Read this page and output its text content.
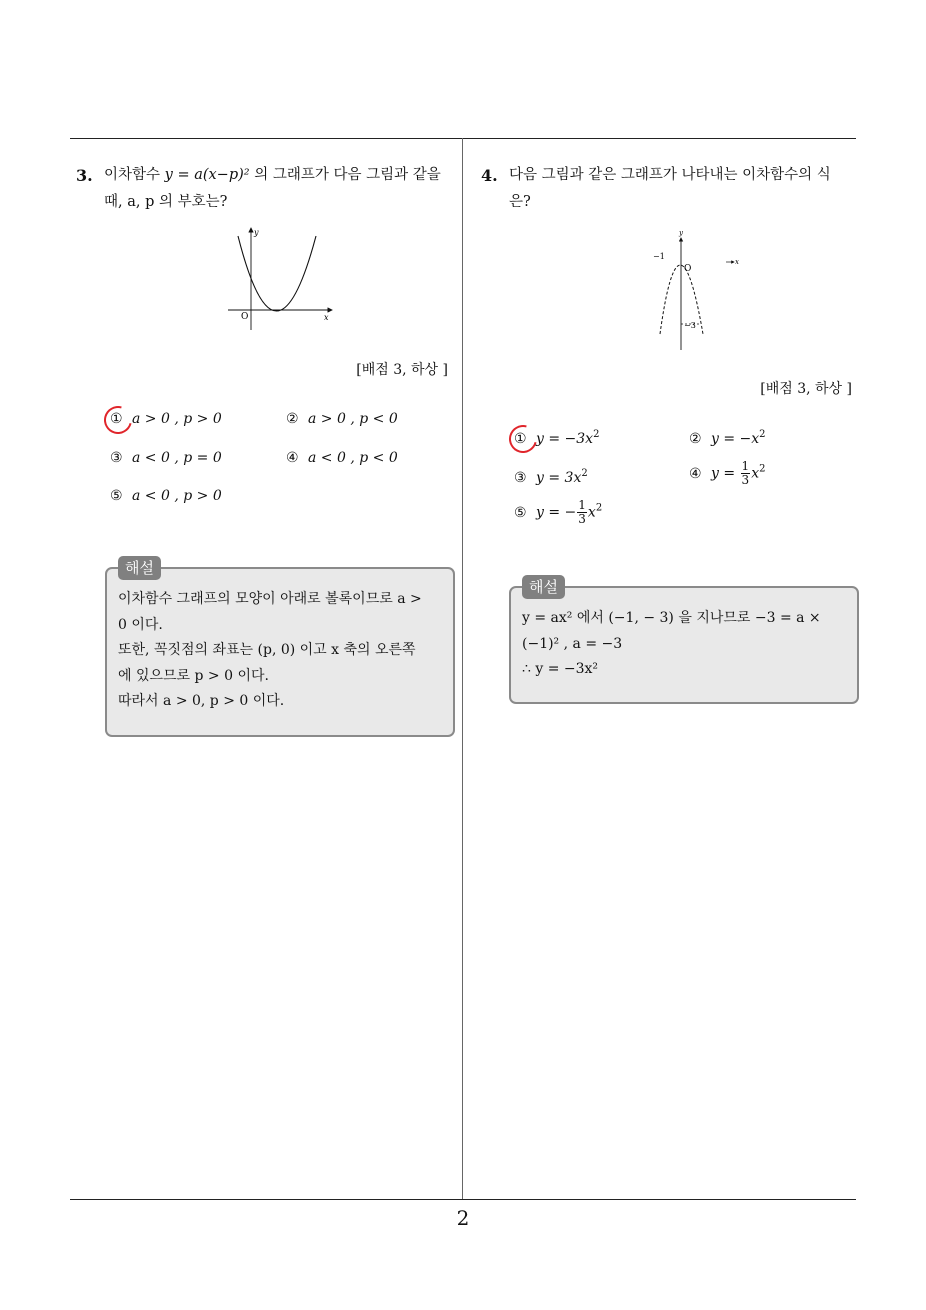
2
3. 이차함수 y = a(x−p)² 의 그래프가 다음 그림과 같을
때, a, p 의 부호는?
y
x
O
[배점 3, 하상 ]
① a > 0 , p > 0	② a > 0 , p < 0
③ a < 0 , p = 0	④ a < 0 , p < 0
⑤ a < 0 , p > 0
해설
이차함수 그래프의 모양이 아래로 볼록이므로 a >
0 이다.
또한, 꼭짓점의 좌표는 (p, 0) 이고 x 축의 오른쪽
에 있으므로 p > 0 이다.
따라서 a > 0, p > 0 이다.
4. 다음 그림과 같은 그래프가 나타내는 이차함수의 식
은?
y
x
O
−1
−3
[배점 3, 하상 ]
① $y = -3x^2$	② $y = -x^2$
③ $y = 3x^2$	④ $y = \frac{1}{3} x^2$
⑤ y = − $\frac{1}{3} x^2$
해설
y = ax² 에서 (−1, − 3) 을 지나므로 −3 = a ×
(−1)² , a = −3
∴ y = −3x²
